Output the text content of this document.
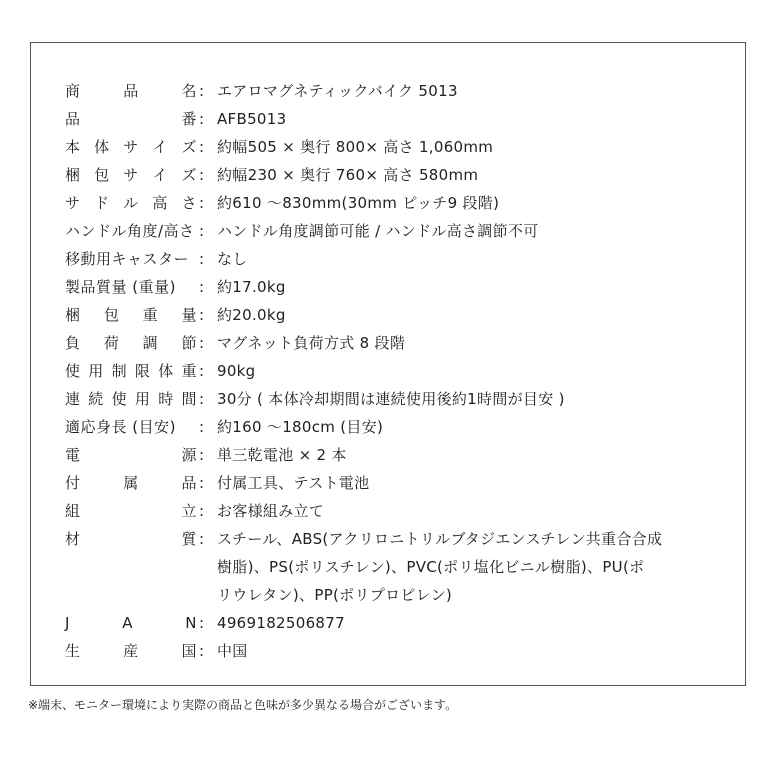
商	品	名 : エアロマグネティックバイク 5013
品	番 : AFB5013
本 体 サ イ ズ : 約幅505 × 奥行 800× 高さ 1,060mm
梱 包 サ イ ズ : 約幅230 × 奥行 760× 高さ 580mm
サ ド ル 高 さ : 約610 ～830mm(30mm ピッチ9 段階)
ハンドル角度/高さ : ハンドル角度調節可能 / ハンドル高さ調節不可
移動用キャスター : なし
製品質量 (重量)	: 約17.0kg
梱 包 重 量 : 約20.0kg
負 荷 調 節 : マグネット負荷方式 8 段階
使 用 制 限 体 重 : 90kg
連 続 使 用 時 間 : 30分 ( 本体冷却期間は連続使用後約1時間が目安 )
適応身長 (目安)	: 約160 ～180cm (目安)
電	源 : 単三乾電池 × 2 本
付	属	品 : 付属工具、テスト電池
組	立 : お客様組み立て
材	質 : スチール、ABS(アクリロニトリルブタジエンスチレン共重合合成
樹脂)、PS(ポリスチレン)、PVC(ポリ塩化ビニル樹脂)、PU(ポ
リウレタン)、PP(ポリプロピレン)
J	A	N : 4969182506877
生	産	国 : 中国
※端末、モニター環境により実際の商品と色味が多少異なる場合がございます。
